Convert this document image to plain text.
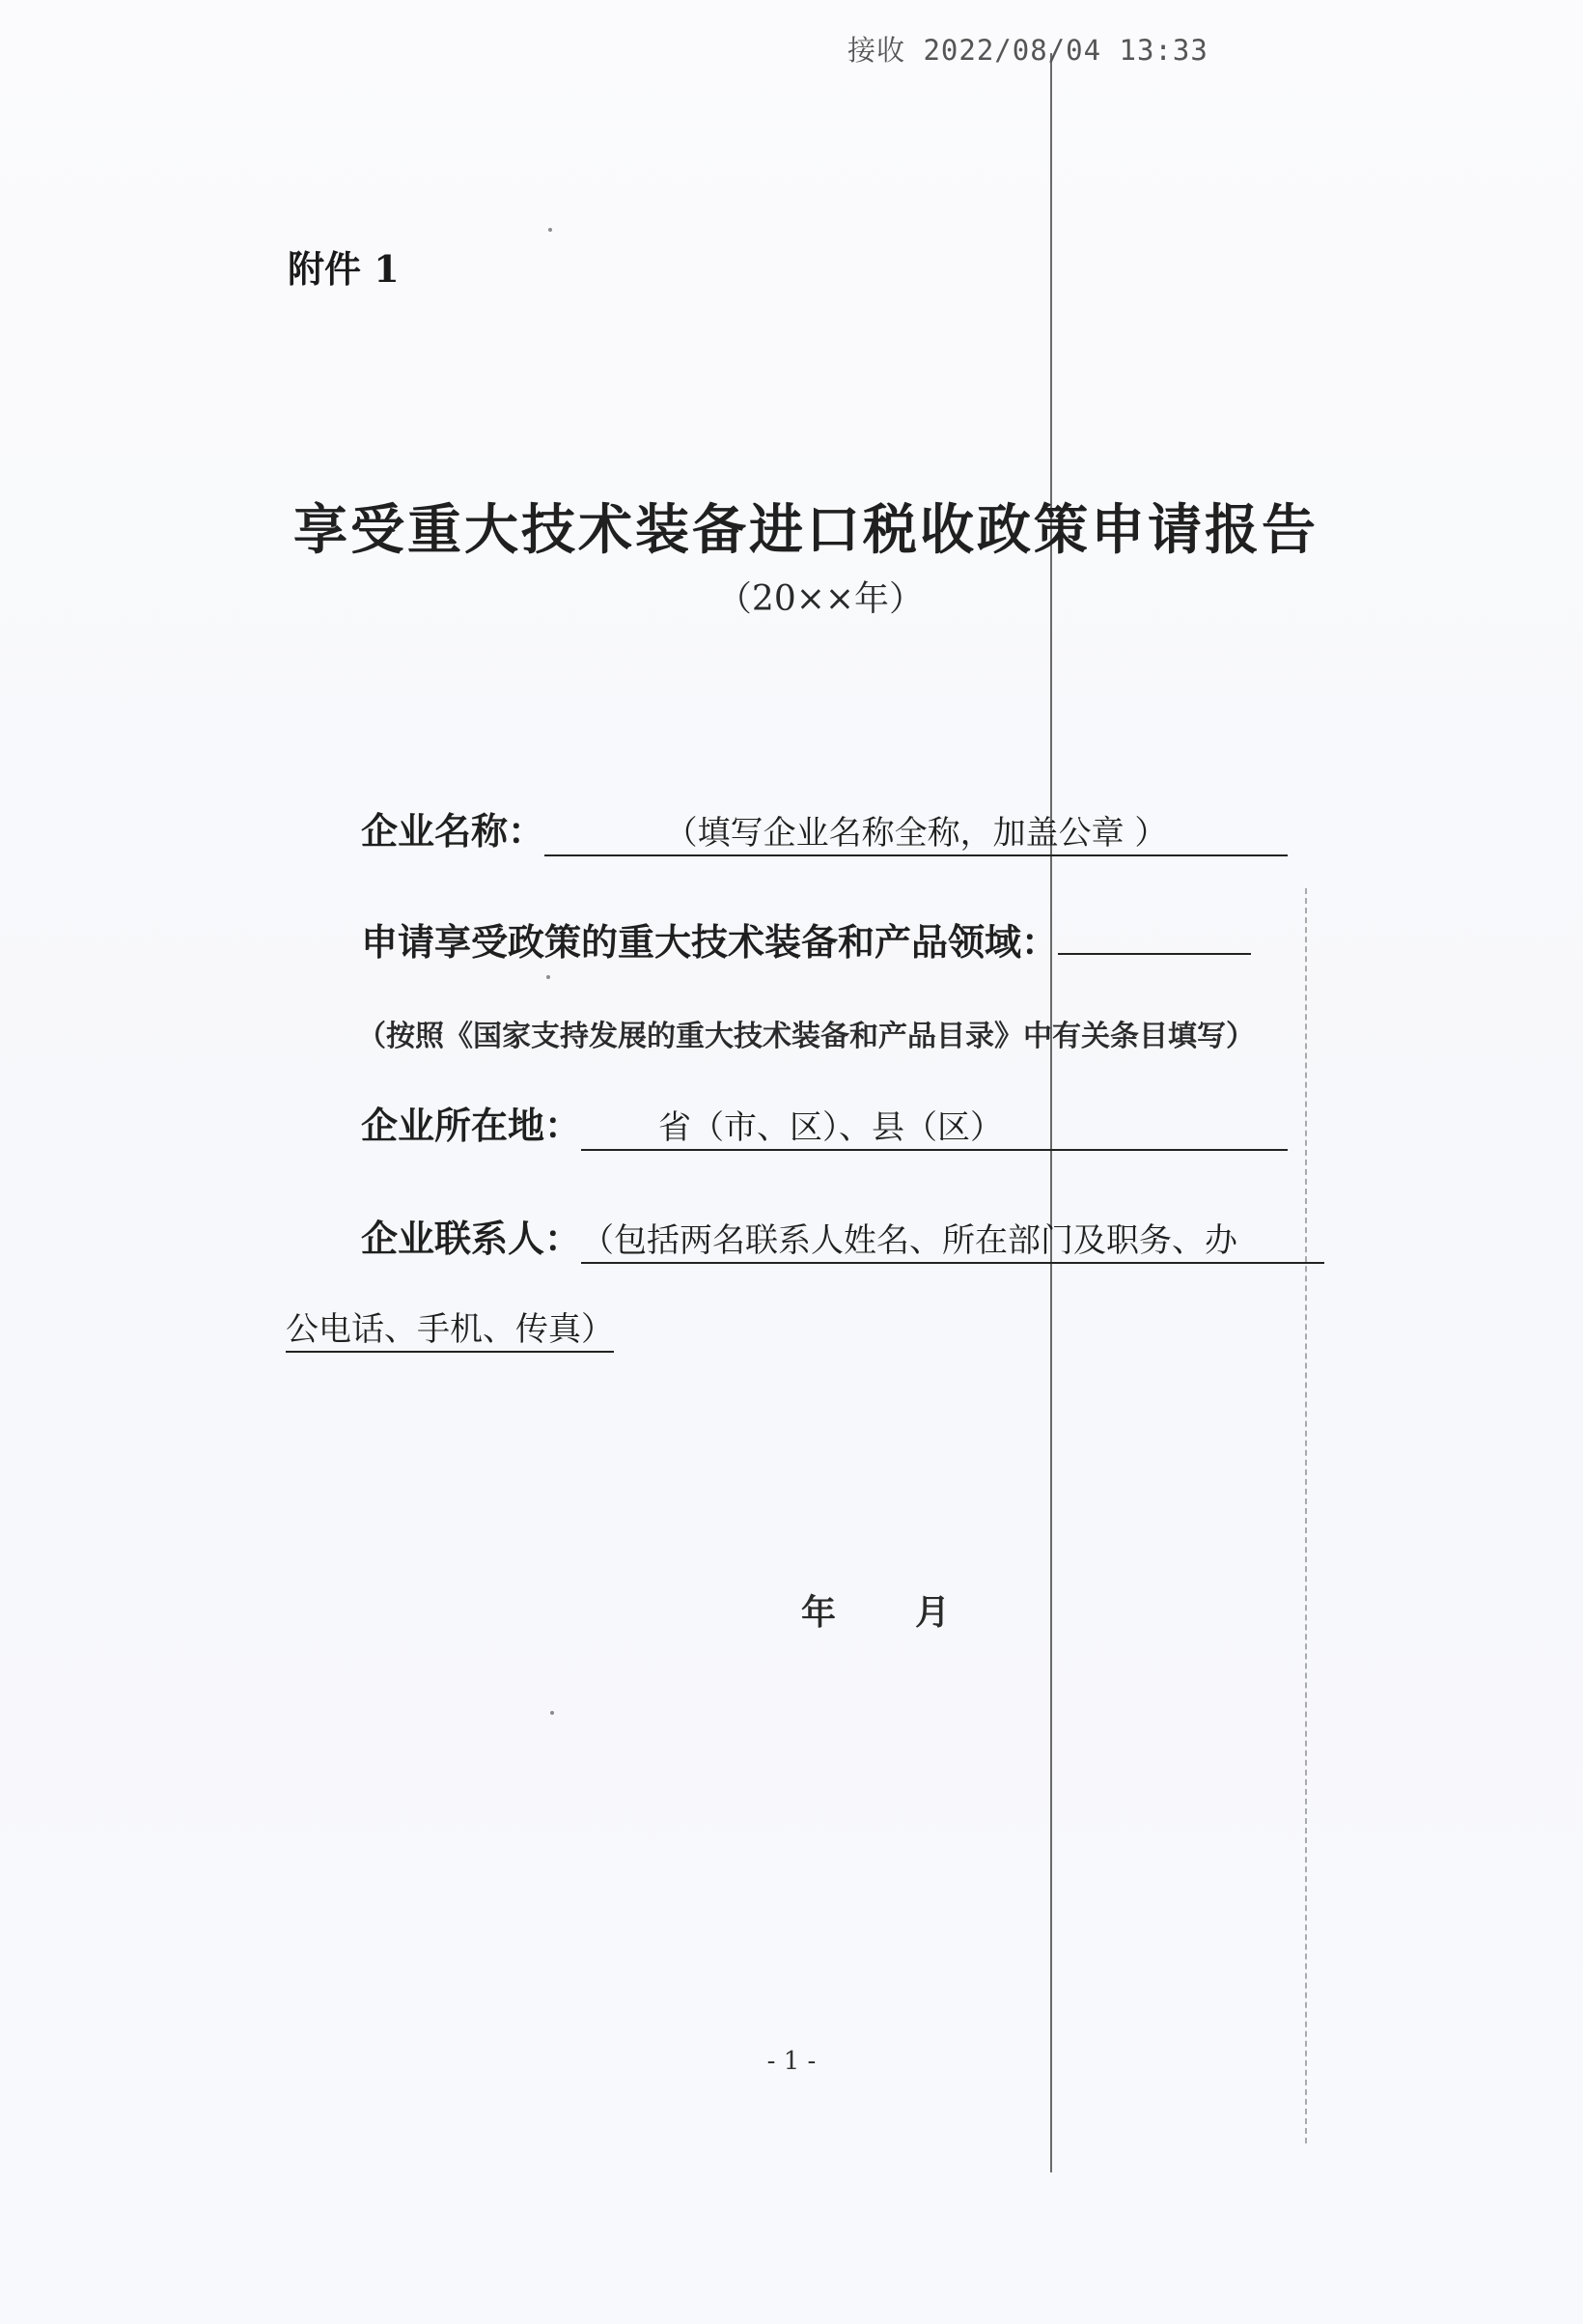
接收 2022/08/04 13:33
附件 1
享受重大技术装备进口税收政策申请报告
（20××年）
企业名称：	（填写企业名称全称，加盖公章 ）
申请享受政策的重大技术装备和产品领域：
（按照《国家支持发展的重大技术装备和产品目录》中有关条目填写）
企业所在地： 省（市、区）、县（区）
企业联系人：（包括两名联系人姓名、所在部门及职务、办
公电话、手机、传真）
年 月
- 1 -
